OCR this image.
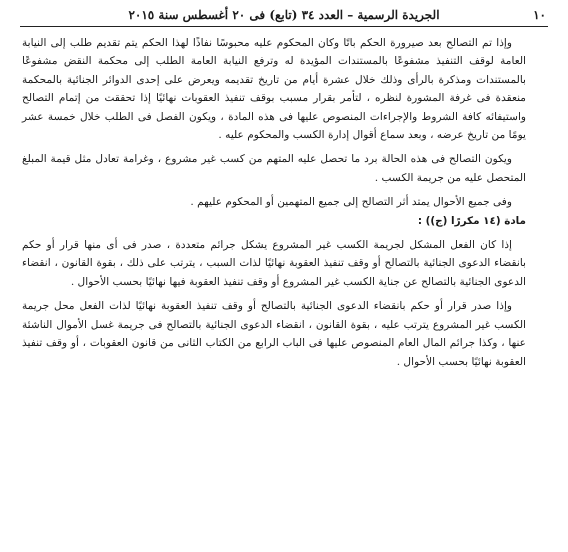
١٠
الجريدة الرسمية – العدد ٣٤ (تابع) فى ٢٠ أغسطس سنة ٢٠١٥

وإذا تم التصالح بعد صيرورة الحكم باتًا وكان المحكوم عليه محبوسًا نفاذًا لهذا الحكم يتم تقديم طلب إلى النيابة العامة لوقف التنفيذ مشفوعًا بالمستندات المؤيدة له وترفع النيابة العامة الطلب إلى محكمة النقض مشفوعًا بالمستندات ومذكرة بالرأى وذلك خلال عشرة أيام من تاريخ تقديمه ويعرض على إحدى الدوائر الجنائية بالمحكمة منعقدة فى غرفة المشورة لنظره ، لتأمر بقرار مسبب بوقف تنفيذ العقوبات نهائيًا إذا تحققت من إتمام التصالح واستيفائه كافة الشروط والإجراءات المنصوص عليها فى هذه المادة ، ويكون الفصل فى الطلب خلال خمسة عشر يومًا من تاريخ عرضه ، وبعد سماع أقوال إدارة الكسب والمحكوم عليه .

ويكون التصالح فى هذه الحالة برد ما تحصل عليه المتهم من كسب غير مشروع ، وغرامة تعادل مثل قيمة المبلغ المتحصل عليه من جريمة الكسب .

وفى جميع الأحوال يمتد أثر التصالح إلى جميع المتهمين أو المحكوم عليهم .

مادة (١٤ مكررًا (ج)) :

إذا كان الفعل المشكل لجريمة الكسب غير المشروع يشكل جرائم متعددة ، صدر فى أى منها قرار أو حكم بانقضاء الدعوى الجنائية بالتصالح أو وقف تنفيذ العقوبة نهائيًا لذات السبب ، يترتب على ذلك ، بقوة القانون ، انقضاء الدعوى الجنائية بالتصالح عن جناية الكسب غير المشروع أو وقف تنفيذ العقوبة فيها نهائيًا بحسب الأحوال .

وإذا صدر قرار أو حكم بانقضاء الدعوى الجنائية بالتصالح أو وقف تنفيذ العقوبة نهائيًا لذات الفعل محل جريمة الكسب غير المشروع يترتب عليه ، بقوة القانون ، انقضاء الدعوى الجنائية بالتصالح فى جريمة غسل الأموال الناشئة عنها ، وكذا جرائم المال العام المنصوص عليها فى الباب الرابع من الكتاب الثانى من قانون العقوبات ، أو وقف تنفيذ العقوبة نهائيًا بحسب الأحوال .
